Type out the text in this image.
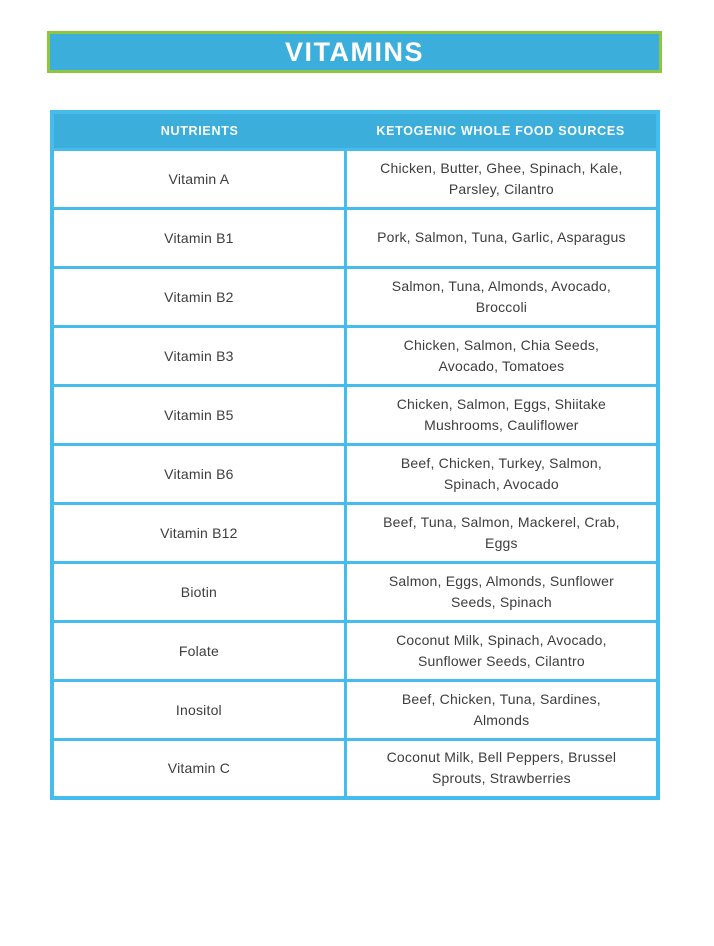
VITAMINS
NUTRIENTS	KETOGENIC WHOLE FOOD SOURCES
Vitamin A	Chicken, Butter, Ghee, Spinach, Kale, Parsley, Cilantro
Vitamin B1	Pork, Salmon, Tuna, Garlic, Asparagus
Vitamin B2	Salmon, Tuna, Almonds, Avocado, Broccoli
Vitamin B3	Chicken, Salmon, Chia Seeds, Avocado, Tomatoes
Vitamin B5	Chicken, Salmon, Eggs, Shiitake Mushrooms, Cauliflower
Vitamin B6	Beef, Chicken, Turkey, Salmon, Spinach, Avocado
Vitamin B12	Beef, Tuna, Salmon, Mackerel, Crab, Eggs
Biotin	Salmon, Eggs, Almonds, Sunflower Seeds, Spinach
Folate	Coconut Milk, Spinach, Avocado, Sunflower Seeds, Cilantro
Inositol	Beef, Chicken, Tuna, Sardines, Almonds
Vitamin C	Coconut Milk, Bell Peppers, Brussel Sprouts, Strawberries
